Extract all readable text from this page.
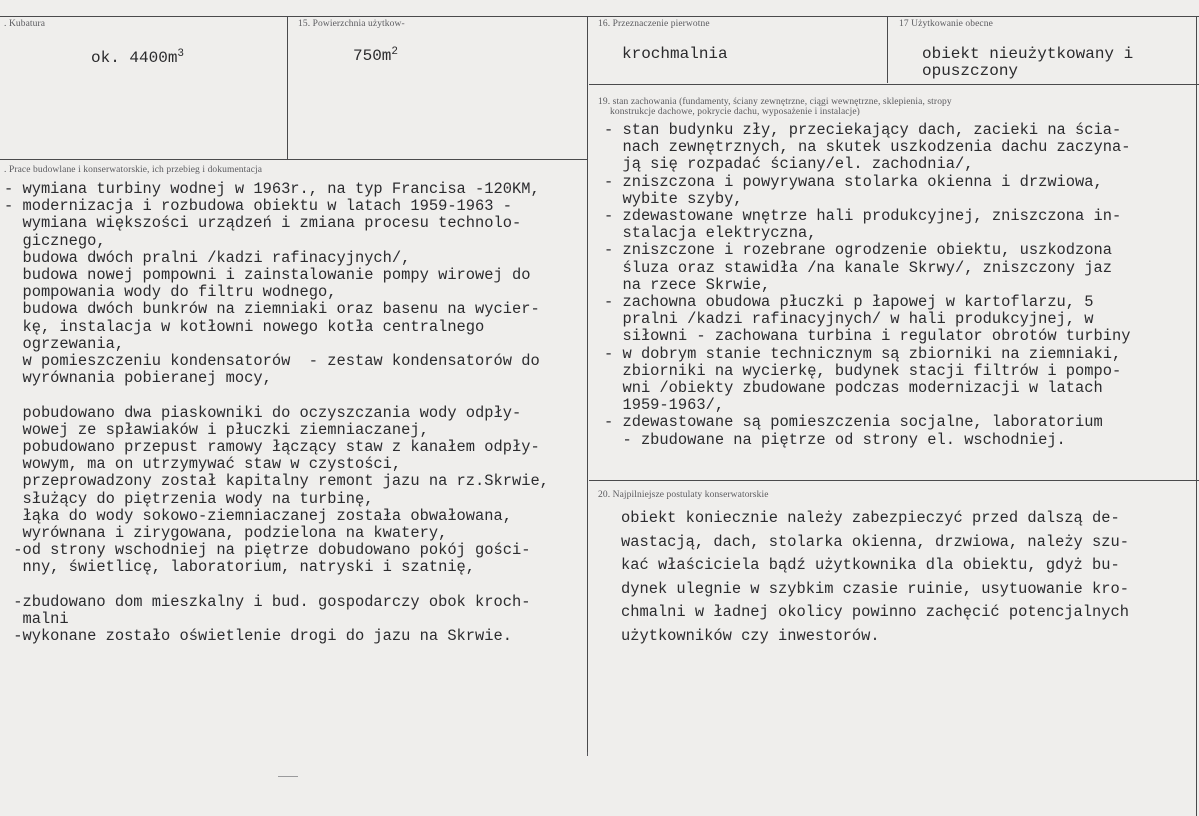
. Kubatura
ok. $4400m^3$
15. Powierzchnia użytkow-
$750m^2$
16. Przeznaczenie pierwotne
krochmalnia
17 Użytkowanie obecne
obiekt nieużytkowany i
opuszczony
. Prace budowlane i konserwatorskie, ich przebieg i dokumentacja

- wymiana turbiny wodnej w 1963r., na typ Francisa -120KM,

- modernizacja i rozbudowa obiektu w latach 1959-1963 -

wymiana większości urządzeń i zmiana procesu technolo-

gicznego,

budowa dwóch pralni /kadzi rafinacyjnych/,

budowa nowej pompowni i zainstalowanie pompy wirowej do

pompowania wody do filtru wodnego,

budowa dwóch bunkrów na ziemniaki oraz basenu na wycier-

kę, instalacja w kotłowni nowego kotła centralnego

ogrzewania,

w pomieszczeniu kondensatorów  - zestaw kondensatorów do

wyrównania pobieranej mocy,

pobudowano dwa piaskowniki do oczyszczania wody odpły-

wowej ze spławiaków i płuczki ziemniaczanej,

pobudowano przepust ramowy łączący staw z kanałem odpły-

wowym, ma on utrzymywać staw w czystości,

przeprowadzony został kapitalny remont jazu na rz.Skrwie,

służący do piętrzenia wody na turbinę,

łąka do wody sokowo-ziemniaczanej została obwałowana,

wyrównana i zirygowana, podzielona na kwatery,

-od strony wschodniej na piętrze dobudowano pokój gości-

nny, świetlicę, laboratorium, natryski i szatnię,

-zbudowano dom mieszkalny i bud. gospodarczy obok kroch-

malni

-wykonane zostało oświetlenie drogi do jazu na Skrwie.

19. stan zachowania (fundamenty, ściany zewnętrzne, ciągi wewnętrzne, sklepienia, stropy
konstrukcje dachowe, pokrycie dachu, wyposażenie i instalacje)

- stan budynku zły, przeciekający dach, zacieki na ścia-

nach zewnętrznych, na skutek uszkodzenia dachu zaczyna-

ją się rozpadać ściany/el. zachodnia/,

- zniszczona i powyrywana stolarka okienna i drzwiowa,

wybite szyby,

- zdewastowane wnętrze hali produkcyjnej, zniszczona in-

stalacja elektryczna,

- zniszczone i rozebrane ogrodzenie obiektu, uszkodzona

śluza oraz stawidła /na kanale Skrwy/, zniszczony jaz

na rzece Skrwie,

- zachowna obudowa płuczki p łapowej w kartoflarzu, 5

pralni /kadzi rafinacyjnych/ w hali produkcyjnej, w

siłowni - zachowana turbina i regulator obrotów turbiny

- w dobrym stanie technicznym są zbiorniki na ziemniaki,

zbiorniki na wycierkę, budynek stacji filtrów i pompo-

wni /obiekty zbudowane podczas modernizacji w latach

1959-1963/,

- zdewastowane są pomieszczenia socjalne, laboratorium

- zbudowane na piętrze od strony el. wschodniej.

20. Najpilniejsze postulaty konserwatorskie

obiekt koniecznie należy zabezpieczyć przed dalszą de-

wastacją, dach, stolarka okienna, drzwiowa, należy szu-

kać właściciela bądź użytkownika dla obiektu, gdyż bu-

dynek ulegnie w szybkim czasie ruinie, usytuowanie kro-

chmalni w ładnej okolicy powinno zachęcić potencjalnych

użytkowników czy inwestorów.
